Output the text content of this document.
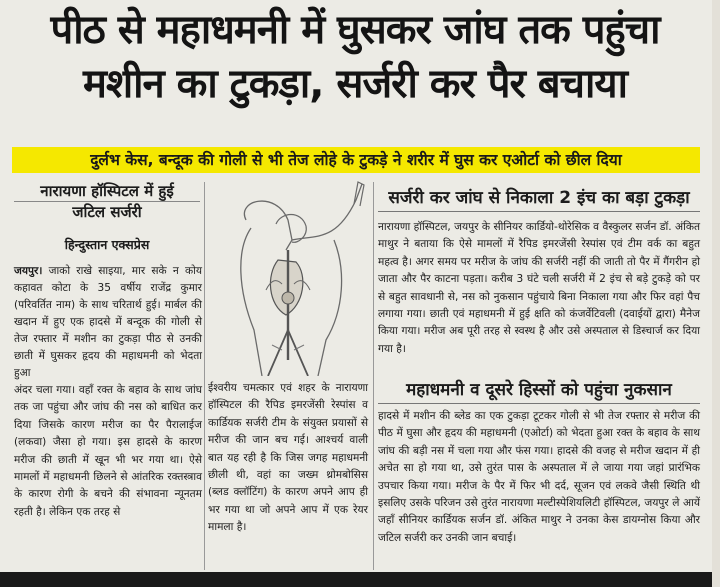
पीठ से महाधमनी में घुसकर जांघ तक पहुंचा
मशीन का टुकड़ा, सर्जरी कर पैर बचाया
दुर्लभ केस, बन्दूक की गोली से भी तेज लोहे के टुकड़े ने शरीर में घुस कर एओर्टा को छील दिया
नारायणा हॉस्पिटल में हुई
जटिल सर्जरी
हिन्दुस्तान एक्सप्रेस
जयपुर। जाको राखे साइया, मार सके न कोय कहावत कोटा के 35 वर्षीय राजेंद्र कुमार (परिवर्तित नाम) के साथ चरितार्थ हुई। मार्बल की खदान में हुए एक हादसे में बन्दूक की गोली से तेज रफ्तार में मशीन का टुकड़ा पीठ से उनकी छाती में घुसकर हृदय की महाधमनी को भेदता हुआ
अंदर चला गया। वहाँ रक्त के बहाव के साथ जांघ तक जा पहुंचा और जांघ की नस को बाधित कर दिया जिसके कारण मरीज का पैर पैरालाईज (लकवा) जैसा हो गया। इस हादसे के कारण मरीज की छाती में खून भी भर गया था। ऐसे मामलों में महाधमनी छिलने से आंतरिक रक्तस्त्राव के कारण रोगी के बचने की संभावना न्यूनतम रहती है। लेकिन एक तरह से
ईश्वरीय चमत्कार एवं शहर के नारायणा हॉस्पिटल की रैपिड इमरजेंसी रेस्पांस व कार्डियक सर्जरी टीम के संयुक्त प्रयासों से मरीज की जान बच गई। आश्चर्य वाली बात यह रही है कि जिस जगह महाधमनी छीली थी, वहां का जख्म थ्रोमबोसिस (ब्लड क्लॉटिंग) के कारण अपने आप ही भर गया था जो अपने आप में एक रेयर मामला है।
सर्जरी कर जांघ से निकाला 2 इंच का बड़ा टुकड़ा
नारायणा हॉस्पिटल, जयपुर के सीनियर कार्डियो-थोरेसिक व वैस्कुलर सर्जन डॉ. अंकित माथुर ने बताया कि ऐसे मामलों में रैपिड इमरजेंसी रेस्पांस एवं टीम वर्क का बहुत महत्व है। अगर समय पर मरीज के जांघ की सर्जरी नहीं की जाती तो पैर में गैंगरीन हो जाता और पैर काटना पड़ता। करीब 3 घंटे चली सर्जरी में 2 इंच से बड़े टुकड़े को पर से बहुत सावधानी से, नस को नुकसान पहुंचाये बिना निकाला गया और फिर वहां पैच लगाया गया। छाती एवं महाधमनी में हुई क्षति को कंजर्वेटिवली (दवाईयों द्वारा) मैनेज किया गया। मरीज अब पूरी तरह से स्वस्थ है और उसे अस्पताल से डिस्चार्ज कर दिया गया है।
महाधमनी व दूसरे हिस्सों को पहुंचा नुकसान
हादसे में मशीन की ब्लेड का एक टुकड़ा टूटकर गोली से भी तेज रफ्तार से मरीज की पीठ में घुसा और हृदय की महाधमनी (एओर्टा) को भेदता हुआ रक्त के बहाव के साथ जांघ की बड़ी नस में चला गया और फंस गया। हादसे की वजह से मरीज खदान में ही अचेत सा हो गया था, उसे तुरंत पास के अस्पताल में ले जाया गया जहां प्रारंभिक उपचार किया गया। मरीज के पैर में फिर भी दर्द, सूजन एवं लकवे जैसी स्थिति थी इसलिए उसके परिजन उसे तुरंत नारायणा मल्टीस्पेशियलिटी हॉस्पिटल, जयपुर ले आयें जहाँ सीनियर कार्डियक सर्जन डॉ. अंकित माथुर ने उनका केस डायग्नोस किया और जटिल सर्जरी कर उनकी जान बचाई।
